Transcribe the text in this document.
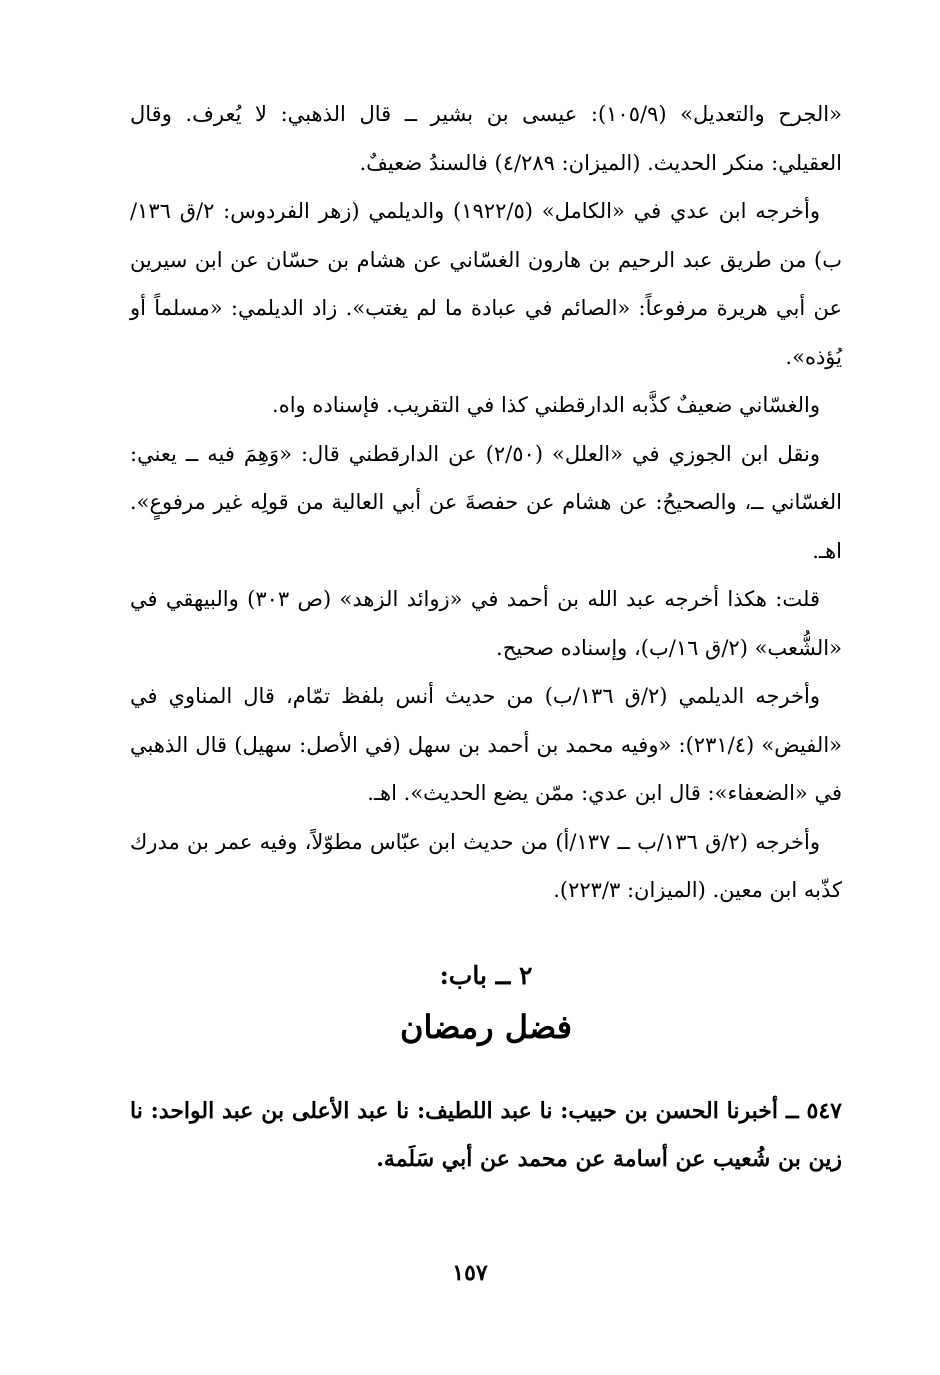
«الجرح والتعديل» (١٠٥/٩): عيسى بن بشير ــ قال الذهبي: لا يُعرف. وقال العقيلي: منكر الحديث. (الميزان: ٤/٢٨٩) فالسندُ ضعيفٌ.

وأخرجه ابن عدي في «الكامل» (١٩٢٢/٥) والديلمي (زهر الفردوس: ٢/ق ١٣٦/ب) من طريق عبد الرحيم بن هارون الغسّاني عن هشام بن حسّان عن ابن سيرين عن أبي هريرة مرفوعاً: «الصائم في عبادة ما لم يغتب». زاد الديلمي: «مسلماً أو يُؤذه».

والغسّاني ضعيفٌ كذَّبه الدارقطني كذا في التقريب. فإسناده واه.

ونقل ابن الجوزي في «العلل» (٢/٥٠) عن الدارقطني قال: «وَهِمَ فيه ــ يعني: الغسّاني ــ، والصحيحُ: عن هشام عن حفصةَ عن أبي العالية من قولِه غير مرفوعٍ». اهـ.

قلت: هكذا أخرجه عبد الله بن أحمد في «زوائد الزهد» (ص ٣٠٣) والبيهقي في «الشُّعب» (٢/ق ١٦/ب)، وإسناده صحيح.

وأخرجه الديلمي (٢/ق ١٣٦/ب) من حديث أنس بلفظ تمّام، قال المناوي في «الفيض» (٢٣١/٤): «وفيه محمد بن أحمد بن سهل (في الأصل: سهيل) قال الذهبي في «الضعفاء»: قال ابن عدي: ممّن يضع الحديث». اهـ.

وأخرجه (٢/ق ١٣٦/ب ــ ١٣٧/أ) من حديث ابن عبّاس مطوّلاً، وفيه عمر بن مدرك كذّبه ابن معين. (الميزان: ٢٢٣/٣).

٢ ــ باب:

فضل رمضان

٥٤٧ ــ أخبرنا الحسن بن حبيب: نا عبد اللطيف: نا عبد الأعلى بن عبد الواحد: نا زين بن شُعيب عن أسامة عن محمد عن أبي سَلَمة.

١٥٧
